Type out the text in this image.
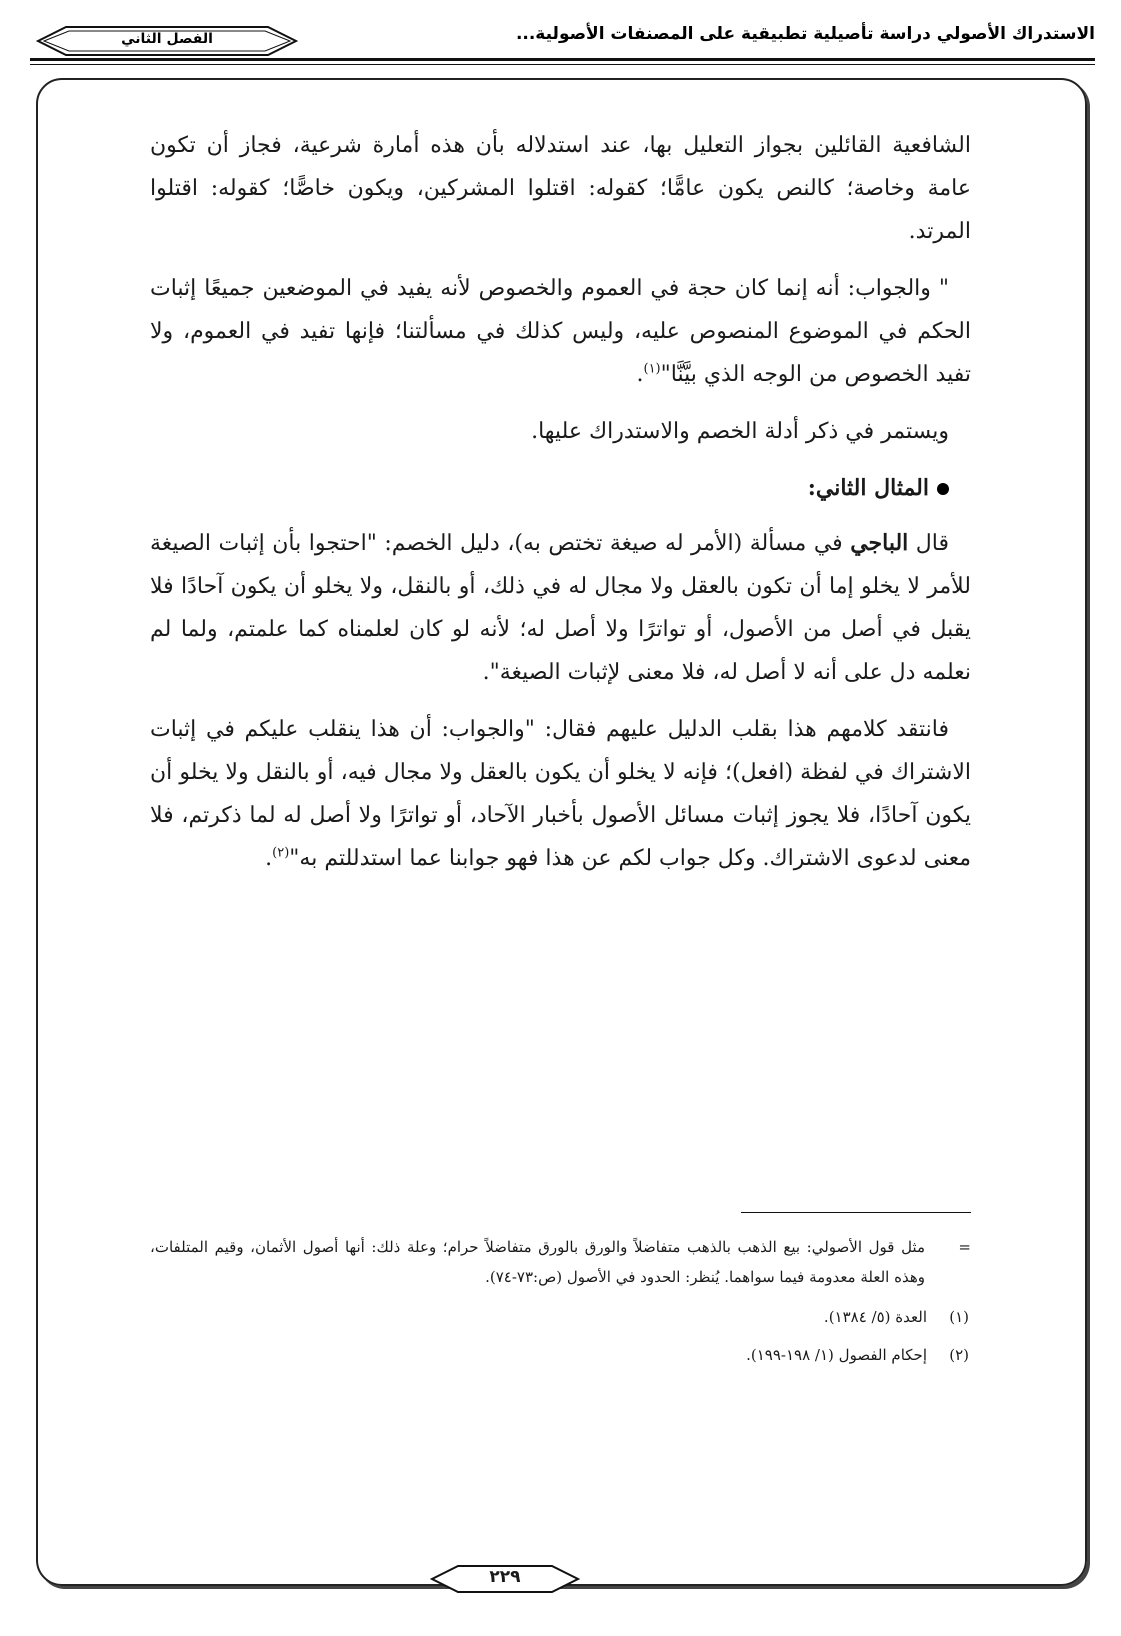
الاستدراك الأصولي دراسة تأصيلية تطبيقية على المصنفات الأصولية...
الفصل الثاني

الشافعية القائلين بجواز التعليل بها، عند استدلاله بأن هذه أمارة شرعية، فجاز أن تكون عامة وخاصة؛ كالنص يكون عامًّا؛ كقوله: اقتلوا المشركين، ويكون خاصًّا؛ كقوله: اقتلوا المرتد.

" والجواب: أنه إنما كان حجة في العموم والخصوص لأنه يفيد في الموضعين جميعًا إثبات الحكم في الموضوع المنصوص عليه، وليس كذلك في مسألتنا؛ فإنها تفيد في العموم، ولا تفيد الخصوص من الوجه الذي بيَّنَّا"$^{(١)}$.

ويستمر في ذكر أدلة الخصم والاستدراك عليها.

المثال الثاني:

قال الباجي في مسألة (الأمر له صيغة تختص به)، دليل الخصم: "احتجوا بأن إثبات الصيغة للأمر لا يخلو إما أن تكون بالعقل ولا مجال له في ذلك، أو بالنقل، ولا يخلو أن يكون آحادًا فلا يقبل في أصل من الأصول، أو تواترًا ولا أصل له؛ لأنه لو كان لعلمناه كما علمتم، ولما لم نعلمه دل على أنه لا أصل له، فلا معنى لإثبات الصيغة".

فانتقد كلامهم هذا بقلب الدليل عليهم فقال: "والجواب: أن هذا ينقلب عليكم في إثبات الاشتراك في لفظة (افعل)؛ فإنه لا يخلو أن يكون بالعقل ولا مجال فيه، أو بالنقل ولا يخلو أن يكون آحادًا، فلا يجوز إثبات مسائل الأصول بأخبار الآحاد، أو تواترًا ولا أصل له لما ذكرتم، فلا معنى لدعوى الاشتراك. وكل جواب لكم عن هذا فهو جوابنا عما استدللتم به"$^{(٢)}$.

=
مثل قول الأصولي: بيع الذهب بالذهب متفاضلاً والورق بالورق متفاضلاً حرام؛ وعلة ذلك: أنها أصول الأثمان، وقيم المتلفات، وهذه العلة معدومة فيما سواهما. يُنظر: الحدود في الأصول (ص:٧٣-٧٤).
(١)العدة (٥/ ١٣٨٤).
(٢)إحكام الفصول (١/ ١٩٨-١٩٩).
٢٢٩
